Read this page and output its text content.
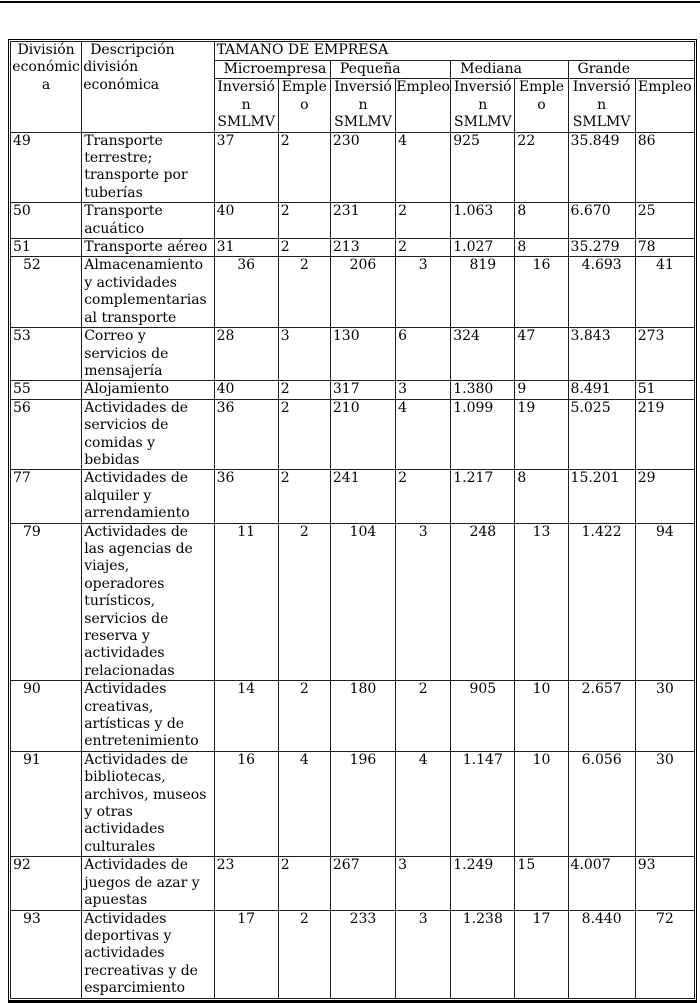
División económica	Descripción división económica	TAMAÑO DE EMPRESA							
		Microempresa		Pequeña		Mediana		Grande	
		Inversión SMLMV	Empleo	Inversión SMLMV	Empleo	Inversión SMLMV	Empleo	Inversión SMLMV	Empleo
49	Transporte terrestre; transporte por tuberías	37	2	230	4	925	22	35.849	86
50	Transporte acuático	40	2	231	2	1.063	8	6.670	25
51	Transporte aéreo	31	2	213	2	1.027	8	35.279	78
52	Almacenamiento y actividades complementarias al transporte	36	2	206	3	819	16	4.693	41
53	Correo y servicios de mensajería	28	3	130	6	324	47	3.843	273
55	Alojamiento	40	2	317	3	1.380	9	8.491	51
56	Actividades de servicios de comidas y bebidas	36	2	210	4	1.099	19	5.025	219
77	Actividades de alquiler y arrendamiento	36	2	241	2	1.217	8	15.201	29
79	Actividades de las agencias de viajes, operadores turísticos, servicios de reserva y actividades relacionadas	11	2	104	3	248	13	1.422	94
90	Actividades creativas, artísticas y de entretenimiento	14	2	180	2	905	10	2.657	30
91	Actividades de bibliotecas, archivos, museos y otras actividades culturales	16	4	196	4	1.147	10	6.056	30
92	Actividades de juegos de azar y apuestas	23	2	267	3	1.249	15	4.007	93
93	Actividades deportivas y actividades recreativas y de esparcimiento	17	2	233	3	1.238	17	8.440	72
